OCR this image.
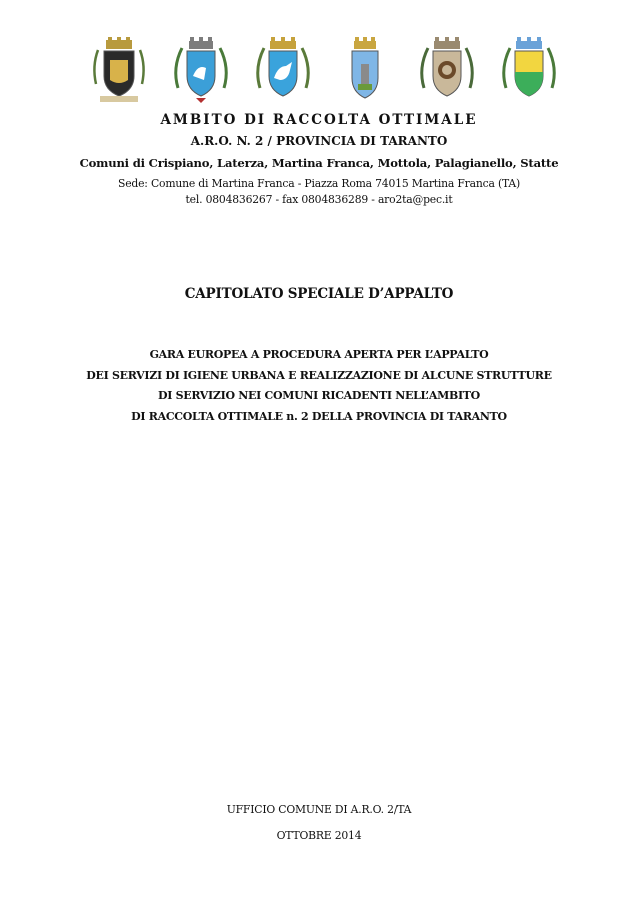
AMBITO DI RACCOLTA OTTIMALE
A.R.O. N. 2 / PROVINCIA DI TARANTO
Comuni di Crispiano, Laterza, Martina Franca, Mottola, Palagianello, Statte
Sede: Comune di Martina Franca - Piazza Roma 74015 Martina Franca (TA)
tel. 0804836267 - fax 0804836289 - aro2ta@pec.it
CAPITOLATO SPECIALE D’APPALTO
GARA EUROPEA A PROCEDURA APERTA PER L’APPALTO
DEI SERVIZI DI IGIENE URBANA E REALIZZAZIONE DI ALCUNE STRUTTURE
DI SERVIZIO NEI COMUNI RICADENTI NELL’AMBITO
DI RACCOLTA OTTIMALE n. 2 DELLA PROVINCIA DI TARANTO
UFFICIO COMUNE DI A.R.O. 2/TA
OTTOBRE 2014
